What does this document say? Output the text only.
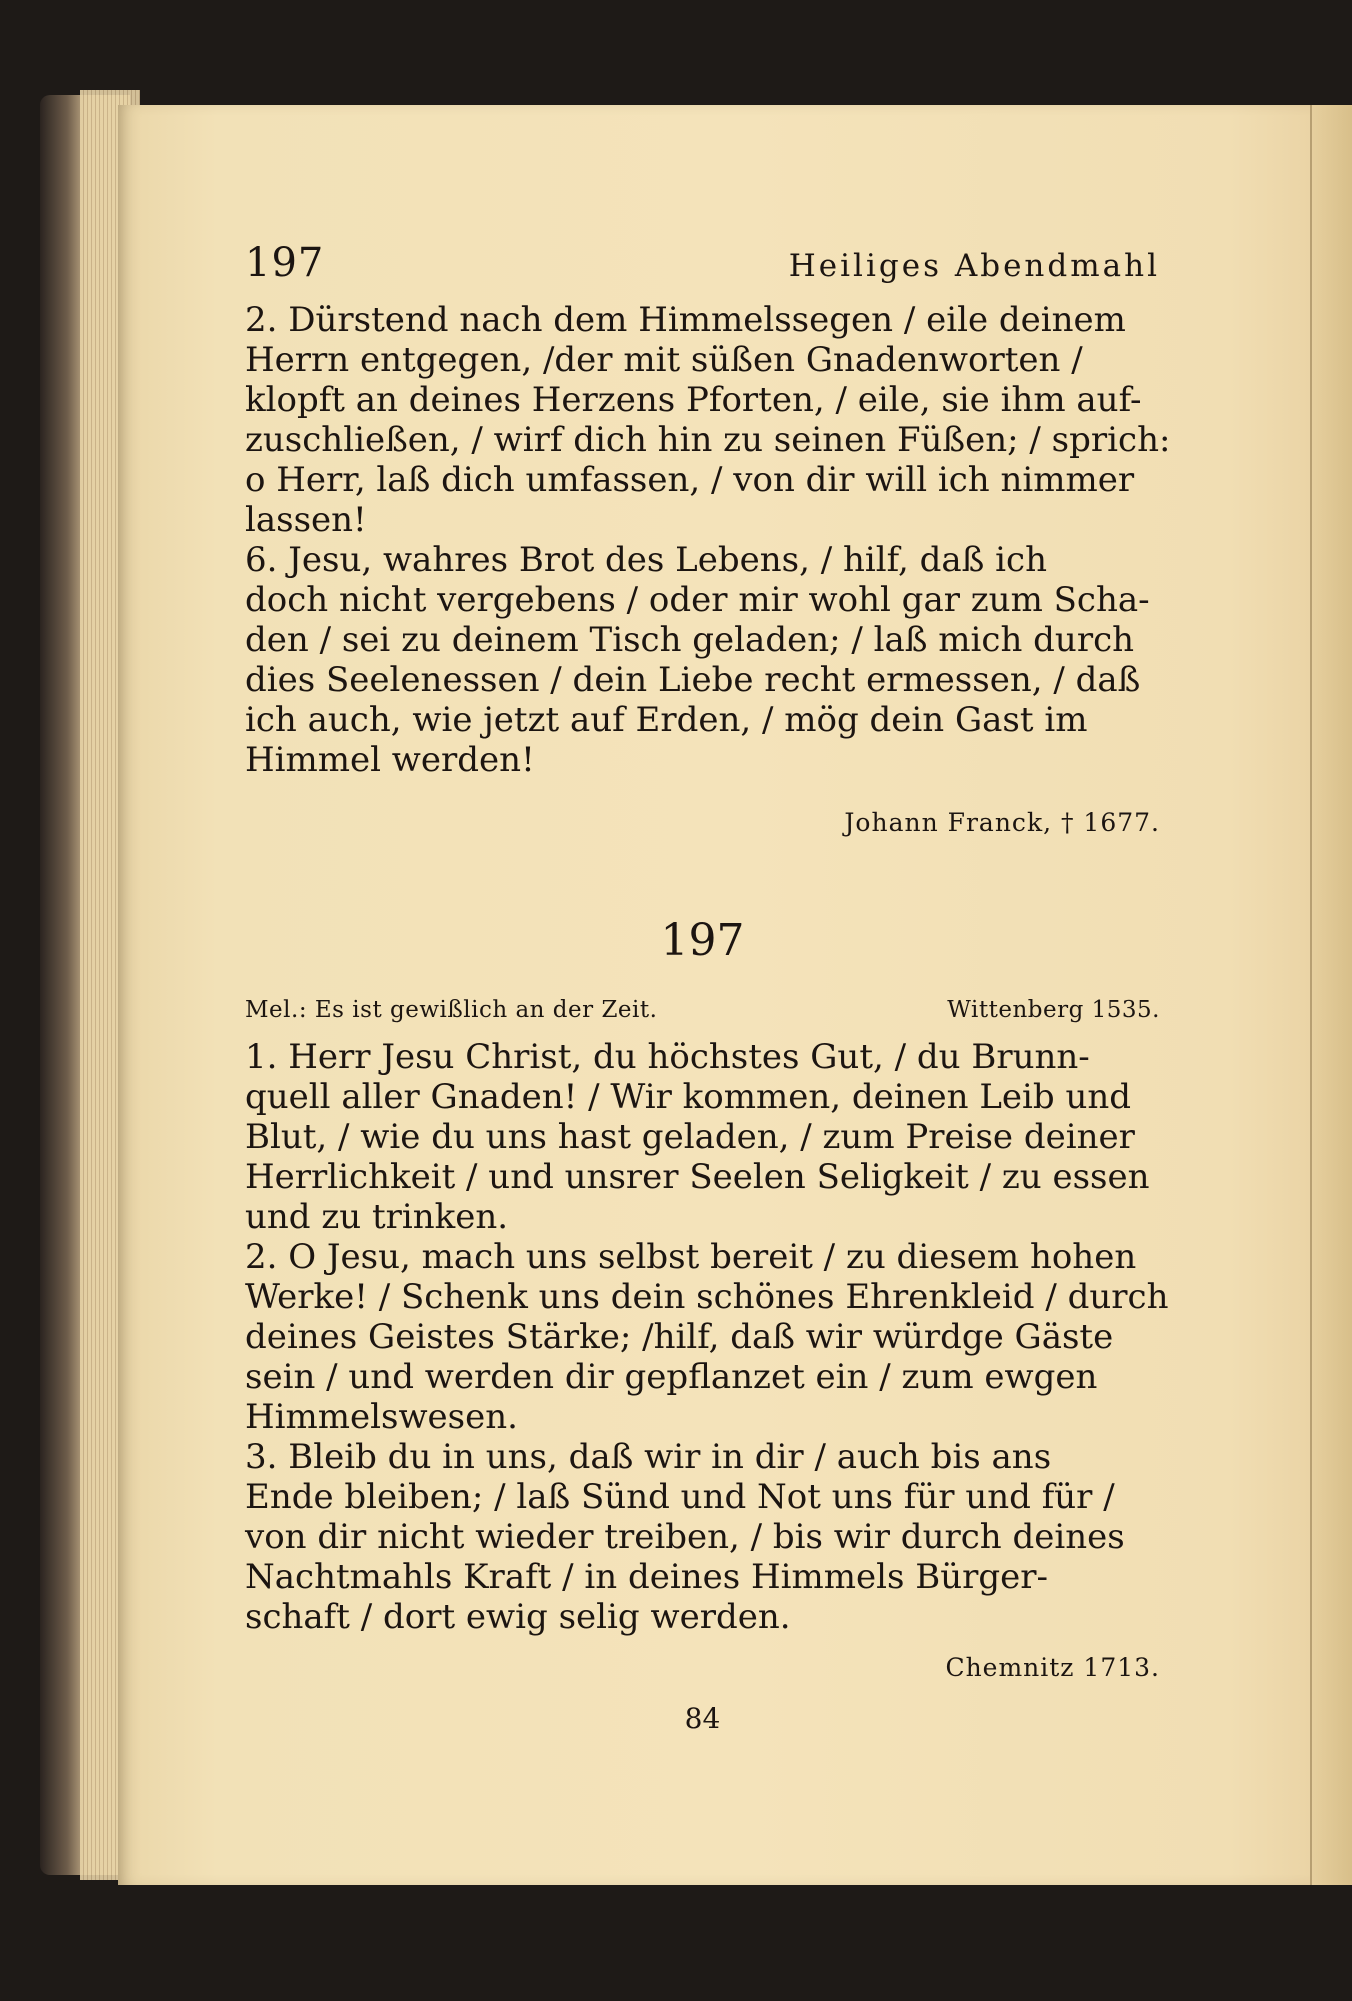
197	Heiliges Abendmahl
2. Dürstend nach dem Himmelssegen / eile deinem
Herrn entgegen, /der mit süßen Gnadenworten /
klopft an deines Herzens Pforten, / eile, sie ihm auf-
zuschließen, / wirf dich hin zu seinen Füßen; / sprich:
o Herr, laß dich umfassen, / von dir will ich nimmer
lassen!
6. Jesu, wahres Brot des Lebens, / hilf, daß ich
doch nicht vergebens / oder mir wohl gar zum Scha-
den / sei zu deinem Tisch geladen; / laß mich durch
dies Seelenessen / dein Liebe recht ermessen, / daß
ich auch, wie jetzt auf Erden, / mög dein Gast im
Himmel werden!
Johann Franck, † 1677.
197
Mel.: Es ist gewißlich an der Zeit.	Wittenberg 1535.
1. Herr Jesu Christ, du höchstes Gut, / du Brunn-
quell aller Gnaden! / Wir kommen, deinen Leib und
Blut, / wie du uns hast geladen, / zum Preise deiner
Herrlichkeit / und unsrer Seelen Seligkeit / zu essen
und zu trinken.
2. O Jesu, mach uns selbst bereit / zu diesem hohen
Werke! / Schenk uns dein schönes Ehrenkleid / durch
deines Geistes Stärke; /hilf, daß wir würdge Gäste
sein / und werden dir gepflanzet ein / zum ewgen
Himmelswesen.
3. Bleib du in uns, daß wir in dir / auch bis ans
Ende bleiben; / laß Sünd und Not uns für und für /
von dir nicht wieder treiben, / bis wir durch deines
Nachtmahls Kraft / in deines Himmels Bürger-
schaft / dort ewig selig werden.
Chemnitz 1713.
84
